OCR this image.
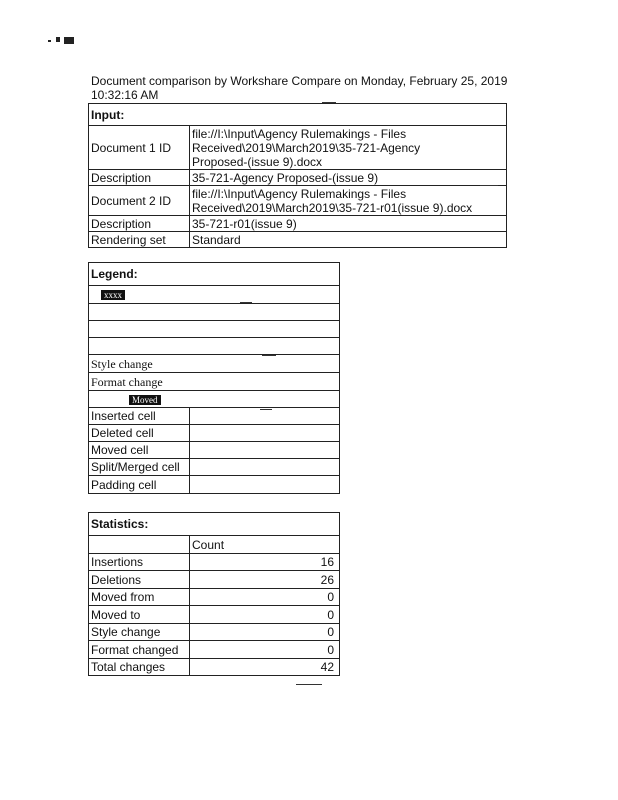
Document comparison by Workshare Compare on Monday, February 25, 2019
10:32:16 AM
Input:	
Document 1 ID	file://I:\Input\Agency Rulemakings - Files
Received\2019\March2019\35-721-Agency
Proposed-(issue 9).docx

Description	35-721-Agency Proposed-(issue 9)
Document 2 ID	file://I:\Input\Agency Rulemakings - Files
Received\2019\March2019\35-721-r01(issue 9).docx

Description	35-721-r01(issue 9)
Rendering set	Standard
Legend:	
xxxx	

Style change	
Format change	
Moved	
Inserted cell	
Deleted cell	
Moved cell	
Split/Merged cell	
Padding cell	
Statistics:	
	Count
Insertions	16
Deletions	26
Moved from	0
Moved to	0
Style change	0
Format changed	0
Total changes	42
